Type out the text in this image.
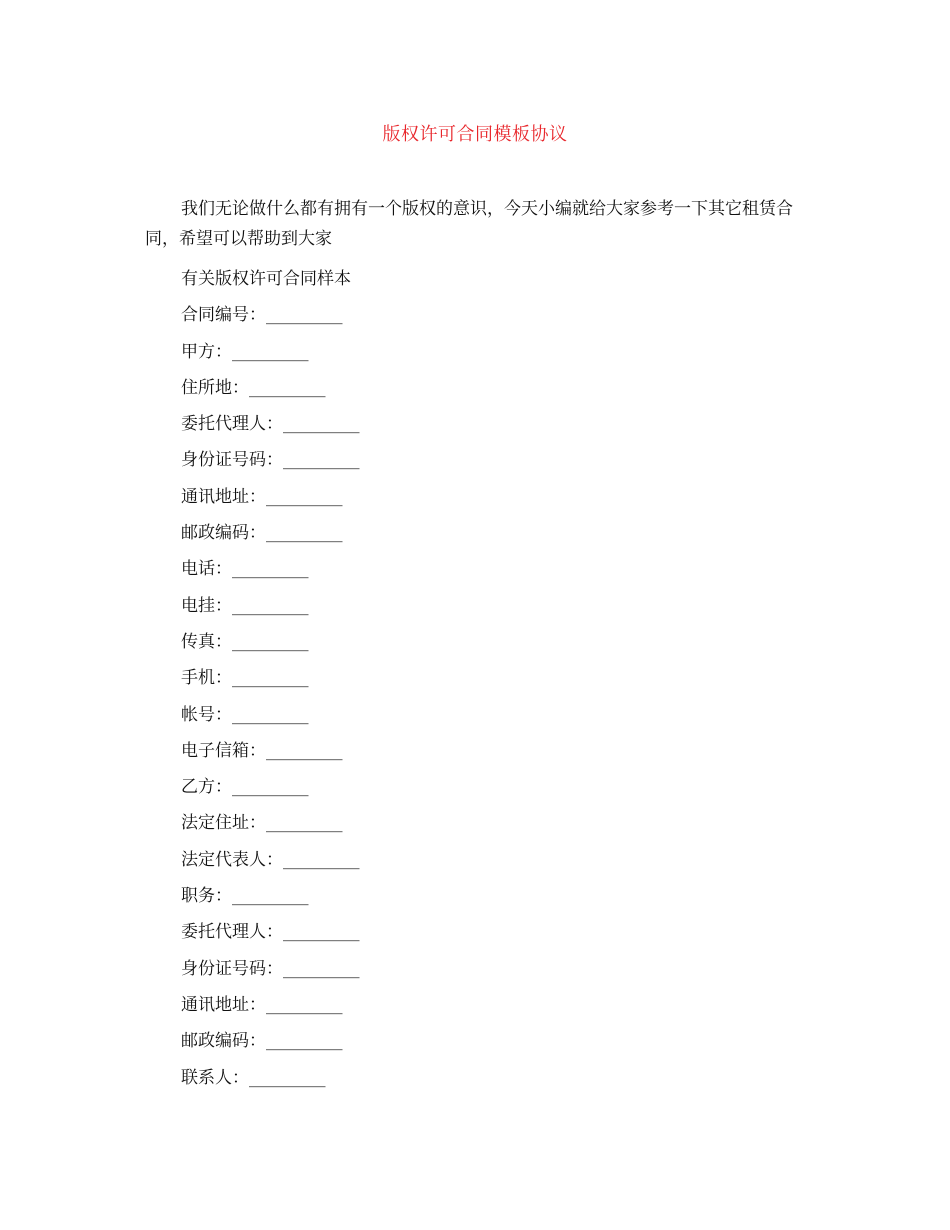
版权许可合同模板协议

我们无论做什么都有拥有一个版权的意识，今天小编就给大家参考一下其它租赁合同，希望可以帮助到大家

有关版权许可合同样本
合同编号：_________
甲方：_________
住所地：_________
委托代理人：_________
身份证号码：_________
通讯地址：_________
邮政编码：_________
电话：_________
电挂：_________
传真：_________
手机：_________
帐号：_________
电子信箱：_________
乙方：_________
法定住址：_________
法定代表人：_________
职务：_________
委托代理人：_________
身份证号码：_________
通讯地址：_________
邮政编码：_________
联系人：_________
